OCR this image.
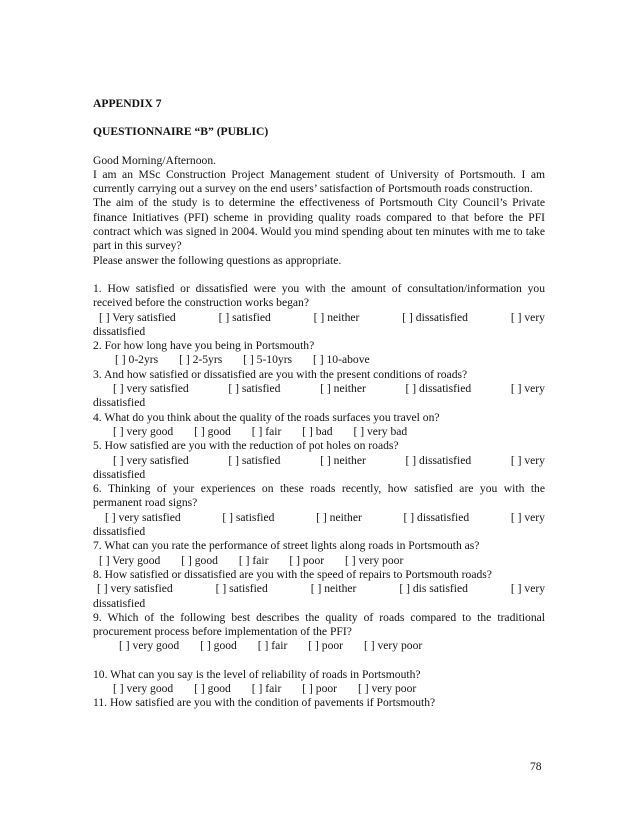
APPENDIX 7
QUESTIONNAIRE “B” (PUBLIC)
Good Morning/Afternoon.
I am an MSc Construction Project Management student of University of Portsmouth. I am currently carrying out a survey on the end users’ satisfaction of Portsmouth roads construction.
The aim of the study is to determine the effectiveness of Portsmouth City Council’s Private finance Initiatives (PFI) scheme in providing quality roads compared to that before the PFI contract which was signed in 2004. Would you mind spending about ten minutes with me to take part in this survey?
Please answer the following questions as appropriate.
1. How satisfied or dissatisfied were you with the amount of consultation/information you received before the construction works began?
[ ] Very satisfied	[ ] satisfied	[ ] neither	[ ] dissatisfied	[ ] very
dissatisfied
2. For how long have you being in Portsmouth?
[ ] 0-2yrs [ ] 2-5yrs [ ] 5-10yrs [ ] 10-above
3. And how satisfied or dissatisfied are you with the present conditions of roads?
[ ] very satisfied	[ ] satisfied	[ ] neither	[ ] dissatisfied	[ ] very
dissatisfied
4. What do you think about the quality of the roads surfaces you travel on?
[ ] very good [ ] good [ ] fair [ ] bad [ ] very bad
5. How satisfied are you with the reduction of pot holes on roads?
[ ] very satisfied	[ ] satisfied	[ ] neither	[ ] dissatisfied	[ ] very
dissatisfied
6. Thinking of your experiences on these roads recently, how satisfied are you with the permanent road signs?
[ ] very satisfied	[ ] satisfied	[ ] neither	[ ] dissatisfied	[ ] very
dissatisfied
7. What can you rate the performance of street lights along roads in Portsmouth as?
[ ] Very good [ ] good [ ] fair [ ] poor [ ] very poor
8. How satisfied or dissatisfied are you with the speed of repairs to Portsmouth roads?
[ ] very satisfied	[ ] satisfied	[ ] neither	[ ] dis satisfied	[ ] very
dissatisfied
9. Which of the following best describes the quality of roads compared to the traditional procurement process before implementation of the PFI?
[ ] very good [ ] good [ ] fair [ ] poor [ ] very poor
10. What can you say is the level of reliability of roads in Portsmouth?
[ ] very good [ ] good [ ] fair [ ] poor [ ] very poor
11. How satisfied are you with the condition of pavements if Portsmouth?
78
